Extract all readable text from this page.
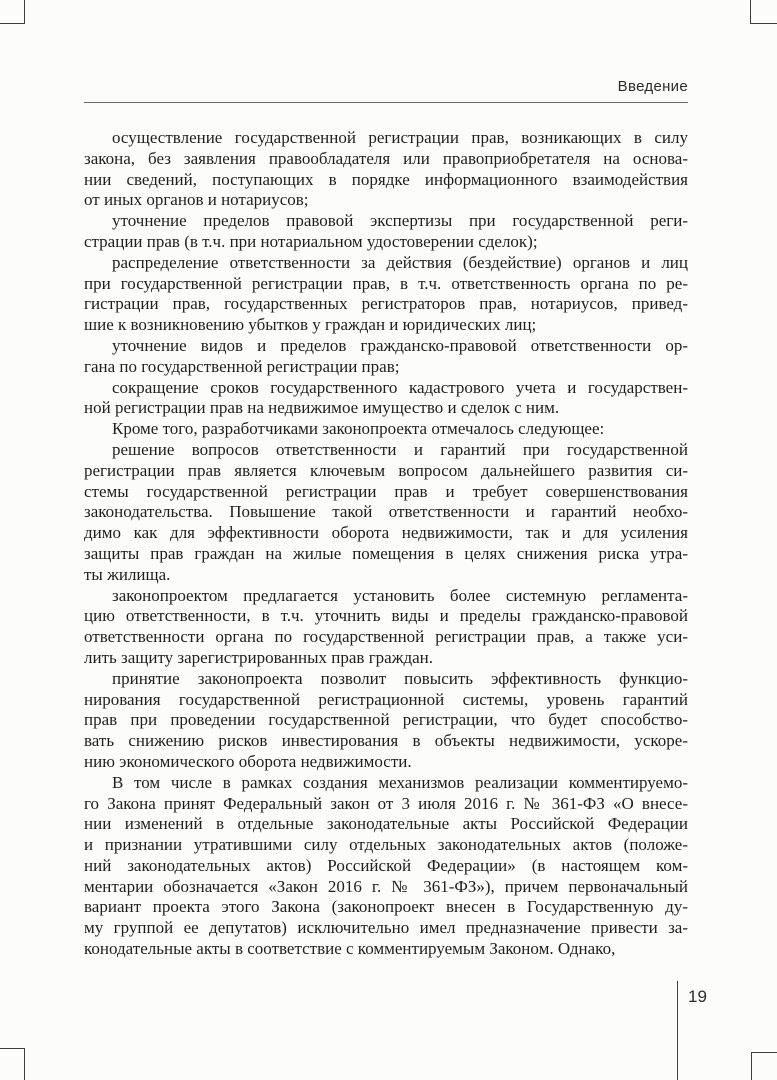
Введение
осуществление государственной регистрации прав, возникающих в силу
закона, без заявления правообладателя или правоприобретателя на основа-
нии сведений, поступающих в порядке информационного взаимодействия
от иных органов и нотариусов;
уточнение пределов правовой экспертизы при государственной реги-
страции прав (в т.ч. при нотариальном удостоверении сделок);
распределение ответственности за действия (бездействие) органов и лиц
при государственной регистрации прав, в т.ч. ответственность органа по ре-
гистрации прав, государственных регистраторов прав, нотариусов, привед-
шие к возникновению убытков у граждан и юридических лиц;
уточнение видов и пределов гражданско-правовой ответственности ор-
гана по государственной регистрации прав;
сокращение сроков государственного кадастрового учета и государствен-
ной регистрации прав на недвижимое имущество и сделок с ним.
Кроме того, разработчиками законопроекта отмечалось следующее:
решение вопросов ответственности и гарантий при государственной
регистрации прав является ключевым вопросом дальнейшего развития си-
стемы государственной регистрации прав и требует совершенствования
законодательства. Повышение такой ответственности и гарантий необхо-
димо как для эффективности оборота недвижимости, так и для усиления
защиты прав граждан на жилые помещения в целях снижения риска утра-
ты жилища.
законопроектом предлагается установить более системную регламента-
цию ответственности, в т.ч. уточнить виды и пределы гражданско-правовой
ответственности органа по государственной регистрации прав, а также уси-
лить защиту зарегистрированных прав граждан.
принятие законопроекта позволит повысить эффективность функцио-
нирования государственной регистрационной системы, уровень гарантий
прав при проведении государственной регистрации, что будет способство-
вать снижению рисков инвестирования в объекты недвижимости, ускоре-
нию экономического оборота недвижимости.
В том числе в рамках создания механизмов реализации комментируемо-
го Закона принят Федеральный закон от 3 июля 2016 г. № 361-ФЗ «О внесе-
нии изменений в отдельные законодательные акты Российской Федерации
и признании утратившими силу отдельных законодательных актов (положе-
ний законодательных актов) Российской Федерации» (в настоящем ком-
ментарии обозначается «Закон 2016 г. № 361-ФЗ»), причем первоначальный
вариант проекта этого Закона (законопроект внесен в Государственную ду-
му группой ее депутатов) исключительно имел предназначение привести за-
конодательные акты в соответствие с комментируемым Законом. Однако,
19
